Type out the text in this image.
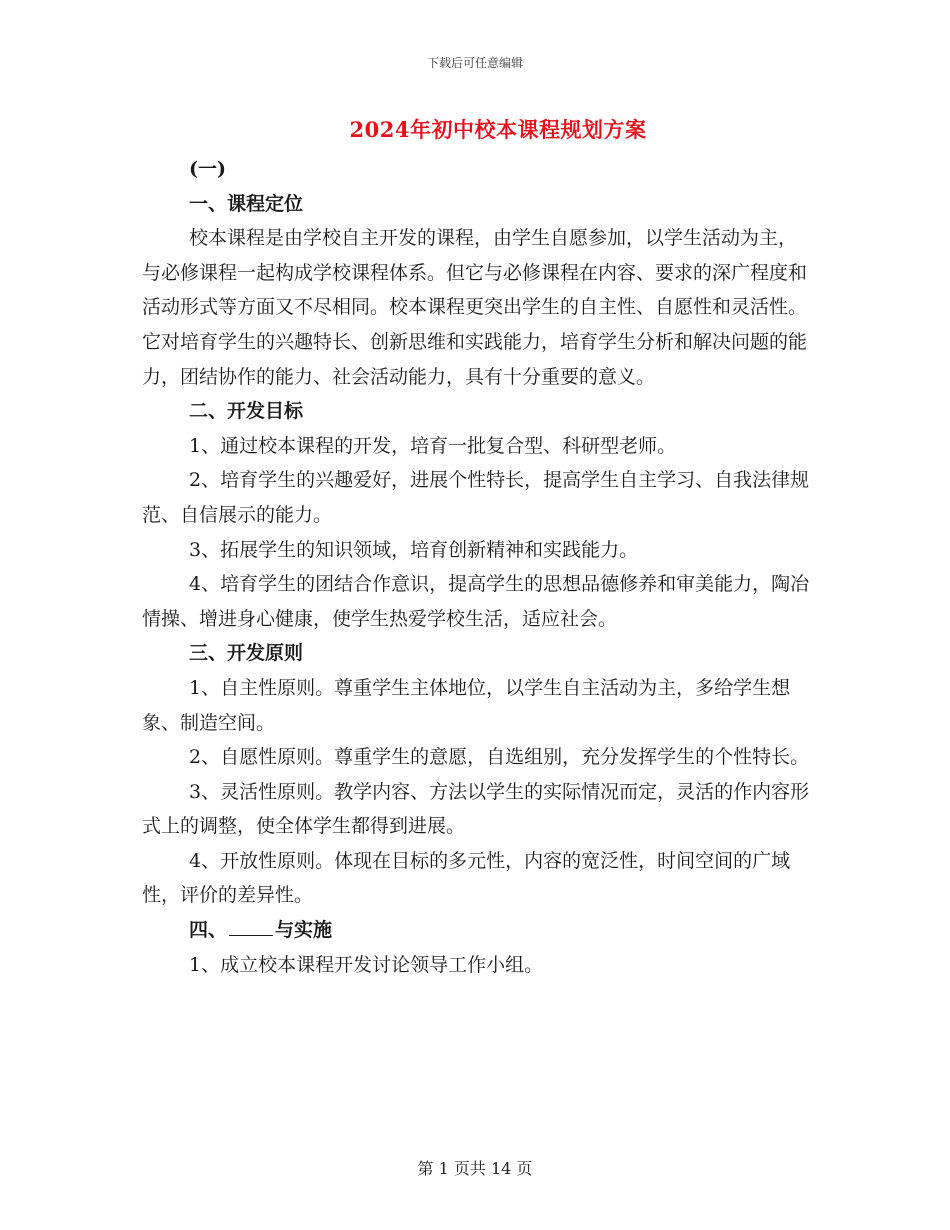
下载后可任意编辑
2024年初中校本课程规划方案

(一)

一、课程定位

校本课程是由学校自主开发的课程，由学生自愿参加，以学生活动为主，与必修课程一起构成学校课程体系。但它与必修课程在内容、要求的深广程度和活动形式等方面又不尽相同。校本课程更突出学生的自主性、自愿性和灵活性。它对培育学生的兴趣特长、创新思维和实践能力，培育学生分析和解决问题的能力，团结协作的能力、社会活动能力，具有十分重要的意义。

二、开发目标

1、通过校本课程的开发，培育一批复合型、科研型老师。

2、培育学生的兴趣爱好，进展个性特长，提高学生自主学习、自我法律规范、自信展示的能力。

3、拓展学生的知识领域，培育创新精神和实践能力。

4、培育学生的团结合作意识，提高学生的思想品德修养和审美能力，陶冶情操、增进身心健康，使学生热爱学校生活，适应社会。

三、开发原则

1、自主性原则。尊重学生主体地位，以学生自主活动为主，多给学生想象、制造空间。

2、自愿性原则。尊重学生的意愿，自选组别，充分发挥学生的个性特长。

3、灵活性原则。教学内容、方法以学生的实际情况而定，灵活的作内容形式上的调整，使全体学生都得到进展。

4、开放性原则。体现在目标的多元性，内容的宽泛性，时间空间的广域性，评价的差异性。

四、	与实施

1、成立校本课程开发讨论领导工作小组。

第 1 页共 14 页
